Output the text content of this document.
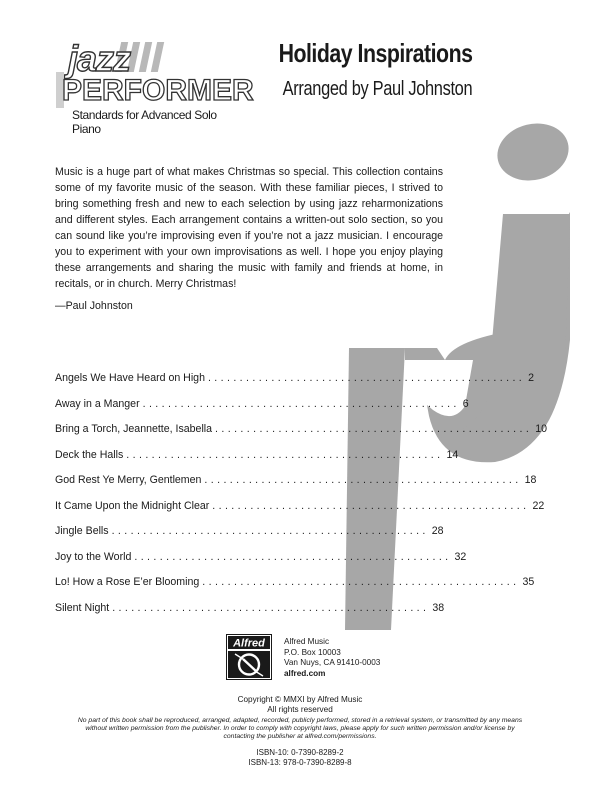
jazz
PERFORMER
Standards for Advanced Solo Piano
Holiday Inspirations
Arranged by Paul Johnston
Music is a huge part of what makes Christmas so special. This collection contains some of my favorite music of the season. With these familiar pieces, I strived to bring something fresh and new to each selection by using jazz reharmonizations and different styles. Each arrangement contains a written-out solo section, so you can sound like you’re improvising even if you’re not a jazz musician. I encourage you to experiment with your own improvisations as well. I hope you enjoy playing these arrangements and sharing the music with family and friends at home, in recitals, or in church. Merry Christmas!
—Paul Johnston
Angels We Have Heard on High .................................................. 2
Away in a Manger .................................................. 6
Bring a Torch, Jeannette, Isabella .................................................. 10
Deck the Halls .................................................. 14
God Rest Ye Merry, Gentlemen .................................................. 18
It Came Upon the Midnight Clear .................................................. 22
Jingle Bells .................................................. 28
Joy to the World .................................................. 32
Lo! How a Rose E’er Blooming .................................................. 35
Silent Night .................................................. 38
Alfred Alfred Music
P.O. Box 10003
Van Nuys, CA 91410-0003
alfred.com
Copyright © MMXI by Alfred Music
All rights reserved
No part of this book shall be reproduced, arranged, adapted, recorded, publicly performed, stored in a retrieval system, or transmitted by any means without written permission from the publisher. In order to comply with copyright laws, please apply for such written permission and/or license by contacting the publisher at alfred.com/permissions.
ISBN-10: 0-7390-8289-2
ISBN-13: 978-0-7390-8289-8
